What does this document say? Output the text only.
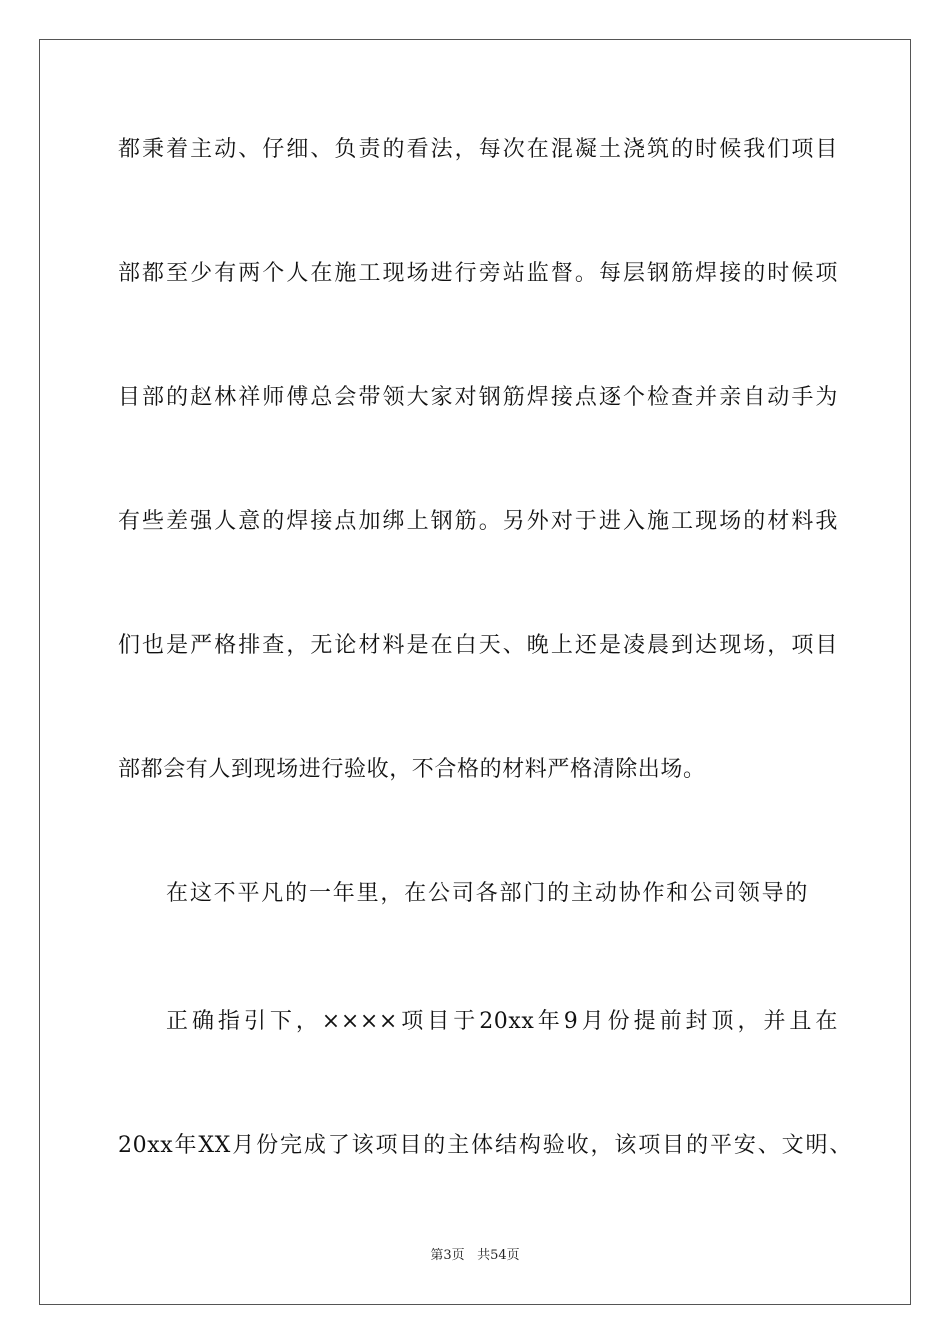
都秉着主动、仔细、负责的看法，每次在混凝土浇筑的时候我们项目
部都至少有两个人在施工现场进行旁站监督。每层钢筋焊接的时候项
目部的赵林祥师傅总会带领大家对钢筋焊接点逐个检查并亲自动手为
有些差强人意的焊接点加绑上钢筋。另外对于进入施工现场的材料我
们也是严格排查，无论材料是在白天、晚上还是凌晨到达现场，项目
部都会有人到现场进行验收，不合格的材料严格清除出场。
在这不平凡的一年里，在公司各部门的主动协作和公司领导的
正确指引下，××××项目于20xx年9月份提前封顶，并且在
20xx年XX月份完成了该项目的主体结构验收，该项目的平安、文明、
第3页 共54页
